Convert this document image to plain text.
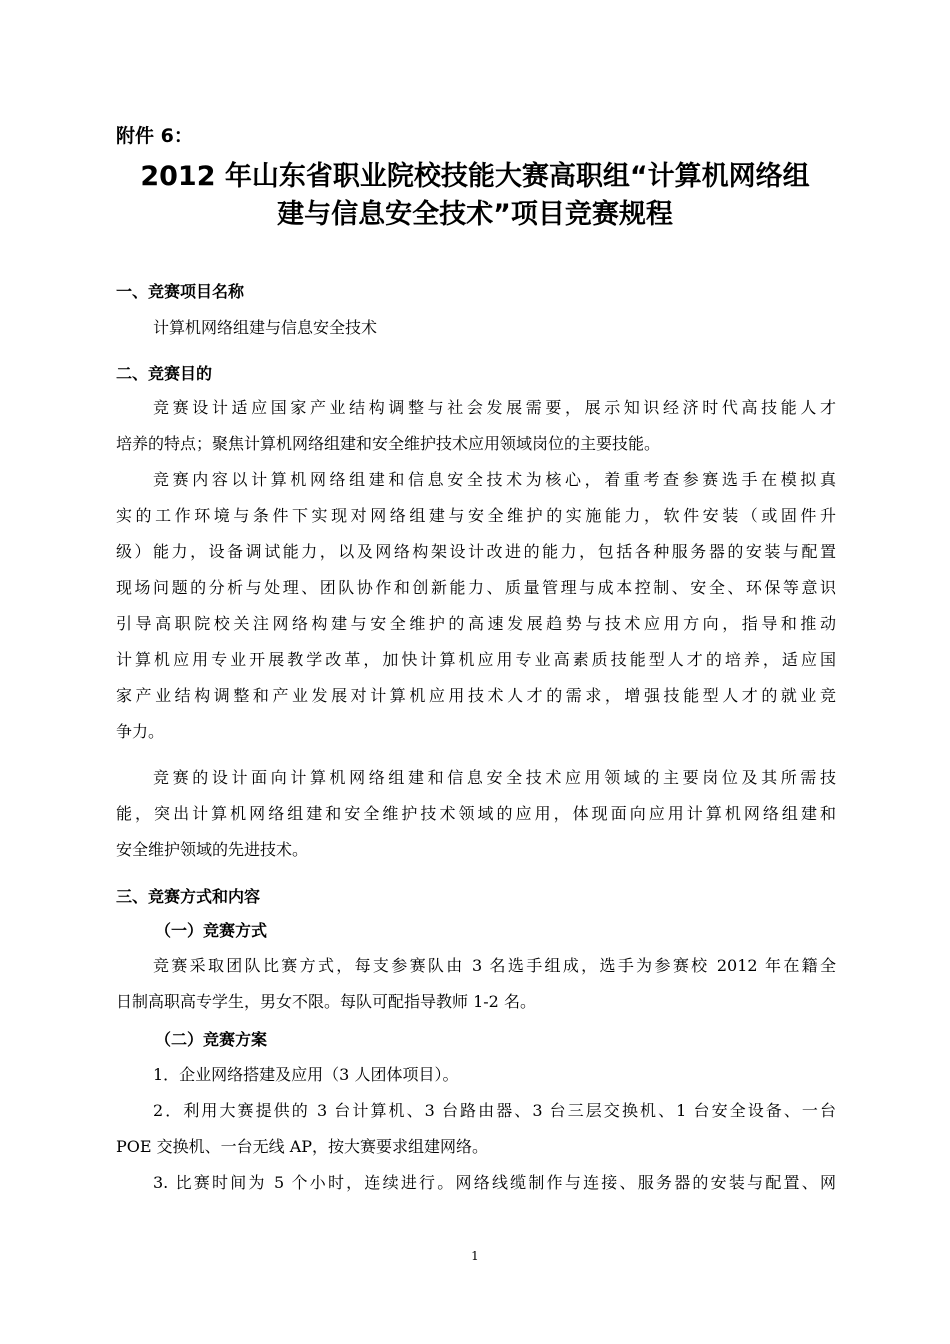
附件 6：
2012 年山东省职业院校技能大赛高职组“计算机网络组
建与信息安全技术”项目竞赛规程
一、竞赛项目名称
计算机网络组建与信息安全技术
二、竞赛目的
竞赛设计适应国家产业结构调整与社会发展需要，展示知识经济时代高技能人才
培养的特点；聚焦计算机网络组建和安全维护技术应用领域岗位的主要技能。
竞赛内容以计算机网络组建和信息安全技术为核心，着重考查参赛选手在模拟真
实的工作环境与条件下实现对网络组建与安全维护的实施能力，软件安装（或固件升
级）能力，设备调试能力，以及网络构架设计改进的能力，包括各种服务器的安装与配置
现场问题的分析与处理、团队协作和创新能力、质量管理与成本控制、安全、环保等意识
引导高职院校关注网络构建与安全维护的高速发展趋势与技术应用方向，指导和推动
计算机应用专业开展教学改革，加快计算机应用专业高素质技能型人才的培养，适应国
家产业结构调整和产业发展对计算机应用技术人才的需求，增强技能型人才的就业竞
争力。
竞赛的设计面向计算机网络组建和信息安全技术应用领域的主要岗位及其所需技
能，突出计算机网络组建和安全维护技术领域的应用，体现面向应用计算机网络组建和
安全维护领域的先进技术。
三、竞赛方式和内容
（一）竞赛方式
竞赛采取团队比赛方式，每支参赛队由 3 名选手组成，选手为参赛校 2012 年在籍全
日制高职高专学生，男女不限。每队可配指导教师 1-2 名。
（二）竞赛方案
1．企业网络搭建及应用（3 人团体项目）。
2．利用大赛提供的 3 台计算机、3 台路由器、3 台三层交换机、1 台安全设备、一台
POE 交换机、一台无线 AP，按大赛要求组建网络。
3. 比赛时间为 5 个小时，连续进行。网络线缆制作与连接、服务器的安装与配置、网
1
